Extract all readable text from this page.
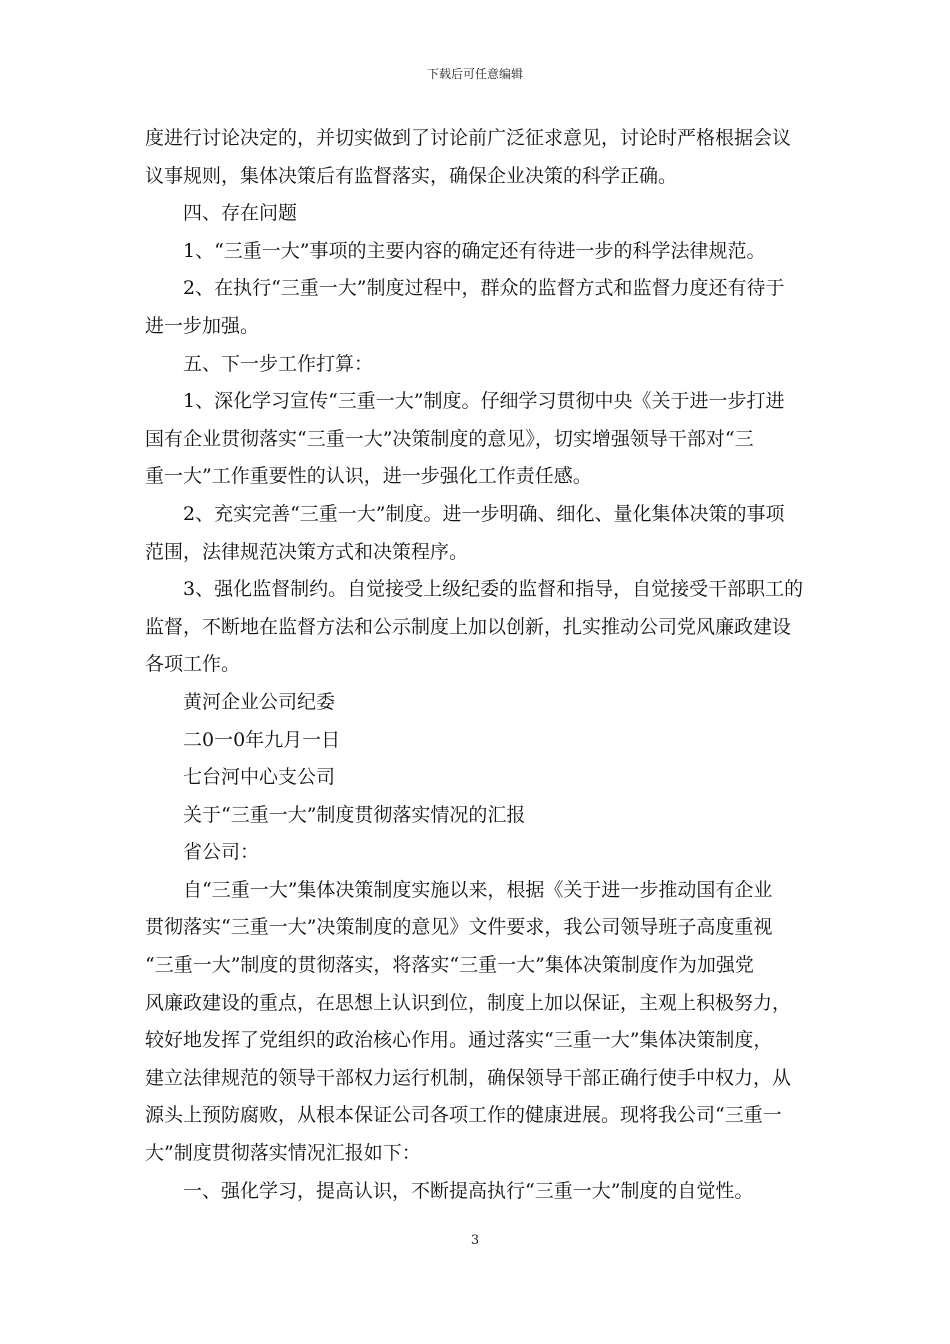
下载后可任意编辑
度进行讨论决定的，并切实做到了讨论前广泛征求意见，讨论时严格根据会议
议事规则，集体决策后有监督落实，确保企业决策的科学正确。
四、存在问题
1、“三重一大”事项的主要内容的确定还有待进一步的科学法律规范。
2、在执行“三重一大”制度过程中，群众的监督方式和监督力度还有待于
进一步加强。
五、下一步工作打算：
1、深化学习宣传“三重一大”制度。仔细学习贯彻中央《关于进一步打进
国有企业贯彻落实“三重一大”决策制度的意见》，切实增强领导干部对“三
重一大”工作重要性的认识，进一步强化工作责任感。
2、充实完善“三重一大”制度。进一步明确、细化、量化集体决策的事项
范围，法律规范决策方式和决策程序。
3、强化监督制约。自觉接受上级纪委的监督和指导，自觉接受干部职工的
监督，不断地在监督方法和公示制度上加以创新，扎实推动公司党风廉政建设
各项工作。
黄河企业公司纪委
二0一0年九月一日
七台河中心支公司
关于“三重一大”制度贯彻落实情况的汇报
省公司：
自“三重一大”集体决策制度实施以来，根据《关于进一步推动国有企业
贯彻落实“三重一大”决策制度的意见》文件要求，我公司领导班子高度重视
“三重一大”制度的贯彻落实，将落实“三重一大”集体决策制度作为加强党
风廉政建设的重点，在思想上认识到位，制度上加以保证，主观上积极努力，
较好地发挥了党组织的政治核心作用。通过落实“三重一大”集体决策制度，
建立法律规范的领导干部权力运行机制，确保领导干部正确行使手中权力，从
源头上预防腐败，从根本保证公司各项工作的健康进展。现将我公司“三重一
大”制度贯彻落实情况汇报如下：
一、强化学习，提高认识，不断提高执行“三重一大”制度的自觉性。
3
